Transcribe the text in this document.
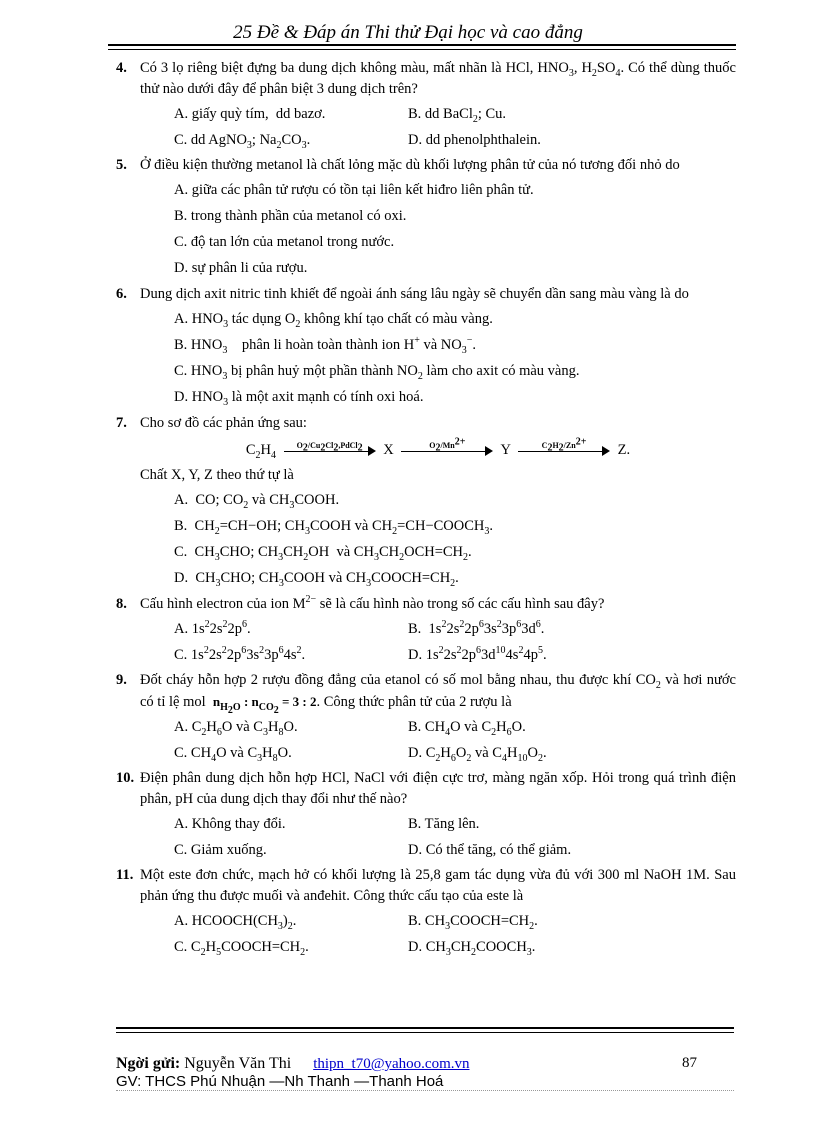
25 Đề & Đáp án Thi thử Đại học và cao đẳng
4. Có 3 lọ riêng biệt đựng ba dung dịch không màu, mất nhãn là HCl, $HNO_3$, $H_2SO_4$. Có thể dùng thuốc thử nào dưới đây để phân biệt 3 dung dịch trên?
A. giấy quỳ tím,  dd bazơ.	B. dd BaCl$_2$; Cu.
C. dd AgNO$_3$; $Na_2CO_3$.	D. dd phenolphthalein.
5. Ở điều kiện thường metanol là chất lỏng mặc dù khối lượng phân tử của nó tương đối nhỏ do
A. giữa các phân tử rượu có tồn tại liên kết hiđro liên phân tử.
B. trong thành phần của metanol có oxi.
C. độ tan lớn của metanol trong nước.
D. sự phân li của rượu.
6. Dung dịch axit nitric tinh khiết để ngoài ánh sáng lâu ngày sẽ chuyển dần sang màu vàng là do
A. $HNO_3$ tác dụng $O_2$ không khí tạo chất có màu vàng.
B. $HNO_3$    phân li hoàn toàn thành ion H+ và $NO_3^-$.
C. $HNO_3$ bị phân huỷ một phần thành $NO_2$ làm cho axit có màu vàng.
D. $HNO_3$ là một axit mạnh có tính oxi hoá.
7. Cho sơ đồ các phản ứng sau:
$C_2H_4$
$O_2/Cu_2Cl_2,PdCl_2$	X	$O_2/Mn^{2+}$
Y	$C_2H_2/Zn^{2+}$
Z.
Chất X, Y, Z theo thứ tự là
A.  CO; $CO_2$ và $CH_3COOH$.
B.  $CH_2=CH-OH$; $CH_3COOH$ và $CH_2=CH-COOCH_3$.
C.  $CH_3CHO$; $CH_3CH_2OH$  và $CH_3CH_2OCH=CH_2$.
D.  $CH_3CHO$; $CH_3COOH$ và $CH_3COOCH=CH_2$.
8. Cấu hình electron của ion $M^{2-}$ sẽ là cấu hình nào trong số các cấu hình sau đây?
A. $1s^22s^22p^6$.	B.  $1s^22s^22p^63s^23p^63d^6$.
C. $1s^22s^22p^63s^23p^64s^2$.	D. $1s^22s^22p^63d^{10}4s^24p^5$.
9. Đốt cháy hỗn hợp 2 rượu đồng đẳng của etanol có số mol bằng nhau, thu được khí $CO_2$ và hơi nước có tỉ lệ mol  $n_{H_2O}$ : $n_{CO_2} = 3$ : 2. Công thức phân tử của 2 rượu là
A. $C_2H_6O$ và $C_3H_8O$.	B. $CH_4O$ và $C_2H_6O$.
C. $CH_4O$ và $C_3H_8O$.	D. $C_2H_6O_2$ và $C_4H_{10}O_2$.
10. Điện phân dung dịch hỗn hợp HCl, NaCl với điện cực trơ, màng ngăn xốp. Hỏi trong quá trình điện phân, pH của dung dịch thay đổi như thế nào?
A. Không thay đổi.	B. Tăng lên.
C. Giảm xuống.	D. Có thể tăng, có thể giảm.
11. Một este đơn chức, mạch hở có khối lượng là 25,8 gam tác dụng vừa đủ với 300 ml NaOH 1M. Sau phản ứng thu được muối và anđehit. Công thức cấu tạo của este là
A. $HCOOCH(CH_3)_2$.	B. $CH_3COOCH=CH_2$.
C. $C_2H_5COOCH=CH_2$.	D. $CH_3CH_2COOCH_3$.
Ngời gửi: Nguyễn Văn Thi thipn_t70@yahoo.com.vn	87
GV: THCS Phú Nhuận —Nh Thanh —Thanh Hoá
